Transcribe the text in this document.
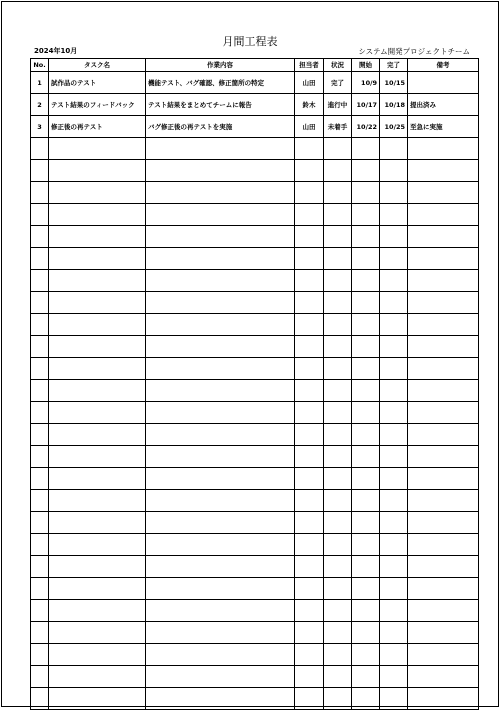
月間工程表
2024年10月	システム開発プロジェクトチーム
No.	タスク名	作業内容	担当者	状況	開始	完了	備考
1	試作品のテスト	機能テスト、バグ確認、修正箇所の特定	山田	完了	10/9	10/15	
2	テスト結果のフィードバック	テスト結果をまとめてチームに報告	鈴木	進行中	10/17	10/18	提出済み
3	修正後の再テスト	バグ修正後の再テストを実施	山田	未着手	10/22	10/25	至急に実施
